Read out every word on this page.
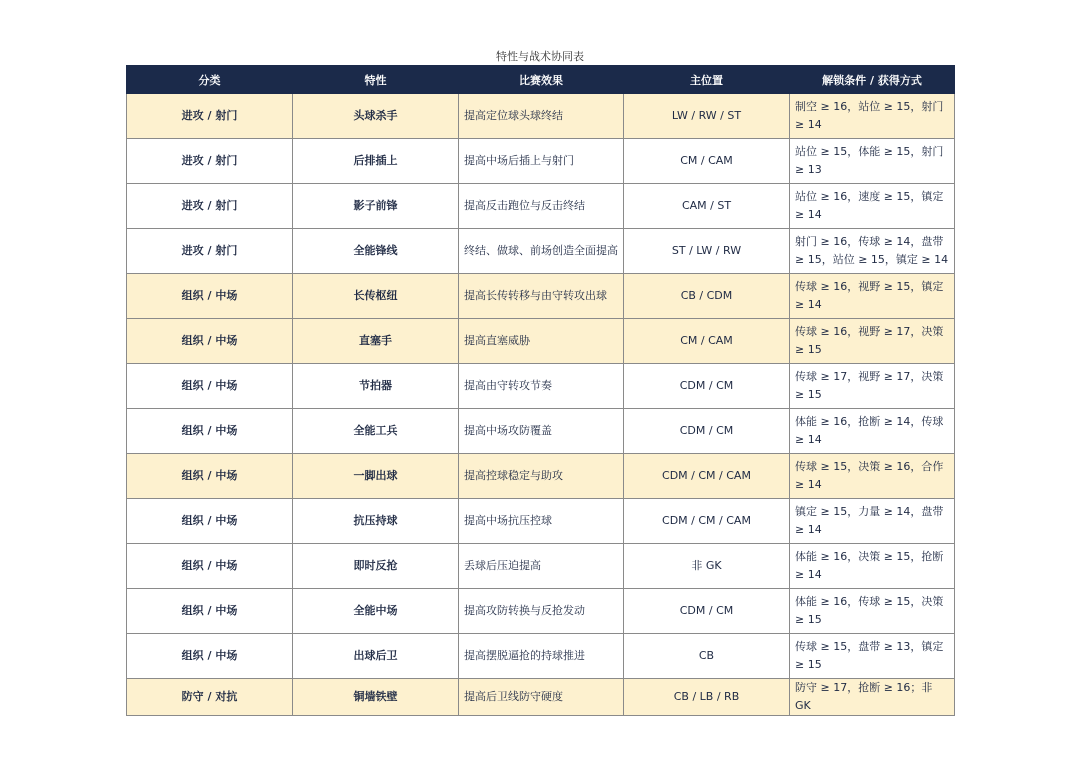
特性与战术协同表
分类	特性	比赛效果	主位置	解锁条件 / 获得方式
进攻 / 射门	头球杀手	提高定位球头球终结	LW / RW / ST	制空 ≥ 16，站位 ≥ 15，射门 ≥ 14
进攻 / 射门	后排插上	提高中场后插上与射门	CM / CAM	站位 ≥ 15，体能 ≥ 15，射门 ≥ 13
进攻 / 射门	影子前锋	提高反击跑位与反击终结	CAM / ST	站位 ≥ 16，速度 ≥ 15，镇定 ≥ 14
进攻 / 射门	全能锋线	终结、做球、前场创造全面提高	ST / LW / RW	射门 ≥ 16，传球 ≥ 14，盘带 ≥ 15，站位 ≥ 15，镇定 ≥ 14
组织 / 中场	长传枢纽	提高长传转移与由守转攻出球	CB / CDM	传球 ≥ 16，视野 ≥ 15，镇定 ≥ 14
组织 / 中场	直塞手	提高直塞威胁	CM / CAM	传球 ≥ 16，视野 ≥ 17，决策 ≥ 15
组织 / 中场	节拍器	提高由守转攻节奏	CDM / CM	传球 ≥ 17，视野 ≥ 17，决策 ≥ 15
组织 / 中场	全能工兵	提高中场攻防覆盖	CDM / CM	体能 ≥ 16，抢断 ≥ 14，传球 ≥ 14
组织 / 中场	一脚出球	提高控球稳定与助攻	CDM / CM / CAM	传球 ≥ 15，决策 ≥ 16，合作 ≥ 14
组织 / 中场	抗压持球	提高中场抗压控球	CDM / CM / CAM	镇定 ≥ 15，力量 ≥ 14，盘带 ≥ 14
组织 / 中场	即时反抢	丢球后压迫提高	非 GK	体能 ≥ 16，决策 ≥ 15，抢断 ≥ 14
组织 / 中场	全能中场	提高攻防转换与反抢发动	CDM / CM	体能 ≥ 16，传球 ≥ 15，决策 ≥ 15
组织 / 中场	出球后卫	提高摆脱逼抢的持球推进	CB	传球 ≥ 15，盘带 ≥ 13，镇定 ≥ 15
防守 / 对抗	铜墙铁壁	提高后卫线防守硬度	CB / LB / RB	防守 ≥ 17，抢断 ≥ 16；非 GK
